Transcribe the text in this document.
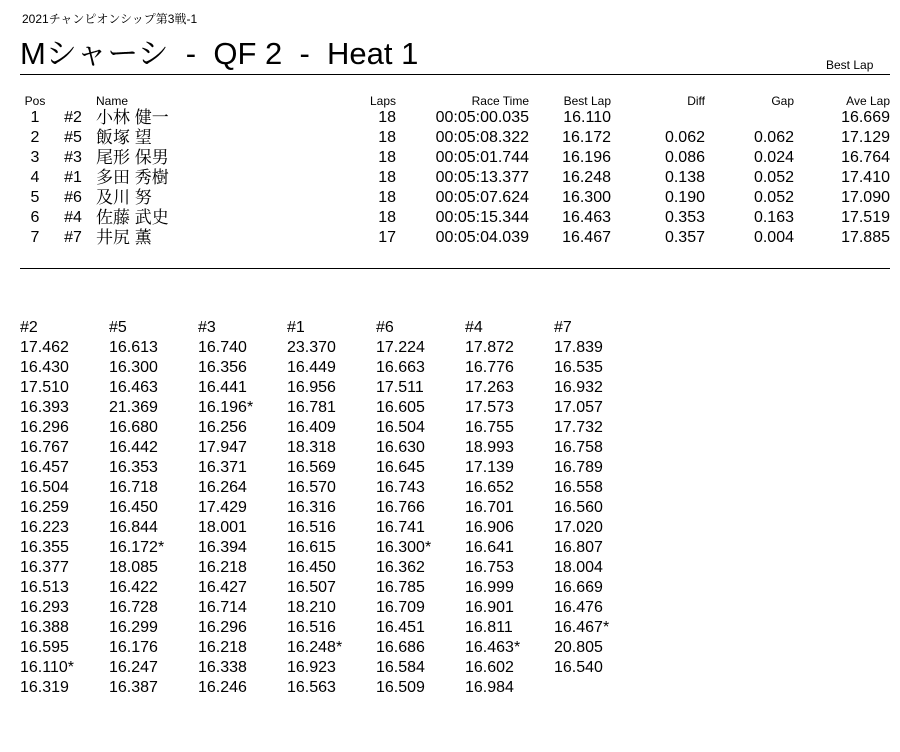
2021チャンピオンシップ第3戦-1
Mシャーシ  -  QF 2  -  Heat 1	Best Lap
Pos		Name	Laps	Race Time	Best Lap	Diff	Gap	Ave Lap
1	#2	小林 健一	18	00:05:00.035	16.110			16.669
2	#5	飯塚 望	18	00:05:08.322	16.172	0.062	0.062	17.129
3	#3	尾形 保男	18	00:05:01.744	16.196	0.086	0.024	16.764
4	#1	多田 秀樹	18	00:05:13.377	16.248	0.138	0.052	17.410
5	#6	及川 努	18	00:05:07.624	16.300	0.190	0.052	17.090
6	#4	佐藤 武史	18	00:05:15.344	16.463	0.353	0.163	17.519
7	#7	井尻 薫	17	00:05:04.039	16.467	0.357	0.004	17.885
#2	#5	#3	#1	#6	#4	#7
17.462	16.613	16.740	23.370	17.224	17.872	17.839
16.430	16.300	16.356	16.449	16.663	16.776	16.535
17.510	16.463	16.441	16.956	17.511	17.263	16.932
16.393	21.369	16.196*	16.781	16.605	17.573	17.057
16.296	16.680	16.256	16.409	16.504	16.755	17.732
16.767	16.442	17.947	18.318	16.630	18.993	16.758
16.457	16.353	16.371	16.569	16.645	17.139	16.789
16.504	16.718	16.264	16.570	16.743	16.652	16.558
16.259	16.450	17.429	16.316	16.766	16.701	16.560
16.223	16.844	18.001	16.516	16.741	16.906	17.020
16.355	16.172*	16.394	16.615	16.300*	16.641	16.807
16.377	18.085	16.218	16.450	16.362	16.753	18.004
16.513	16.422	16.427	16.507	16.785	16.999	16.669
16.293	16.728	16.714	18.210	16.709	16.901	16.476
16.388	16.299	16.296	16.516	16.451	16.811	16.467*
16.595	16.176	16.218	16.248*	16.686	16.463*	20.805
16.110*	16.247	16.338	16.923	16.584	16.602	16.540
16.319	16.387	16.246	16.563	16.509	16.984	
